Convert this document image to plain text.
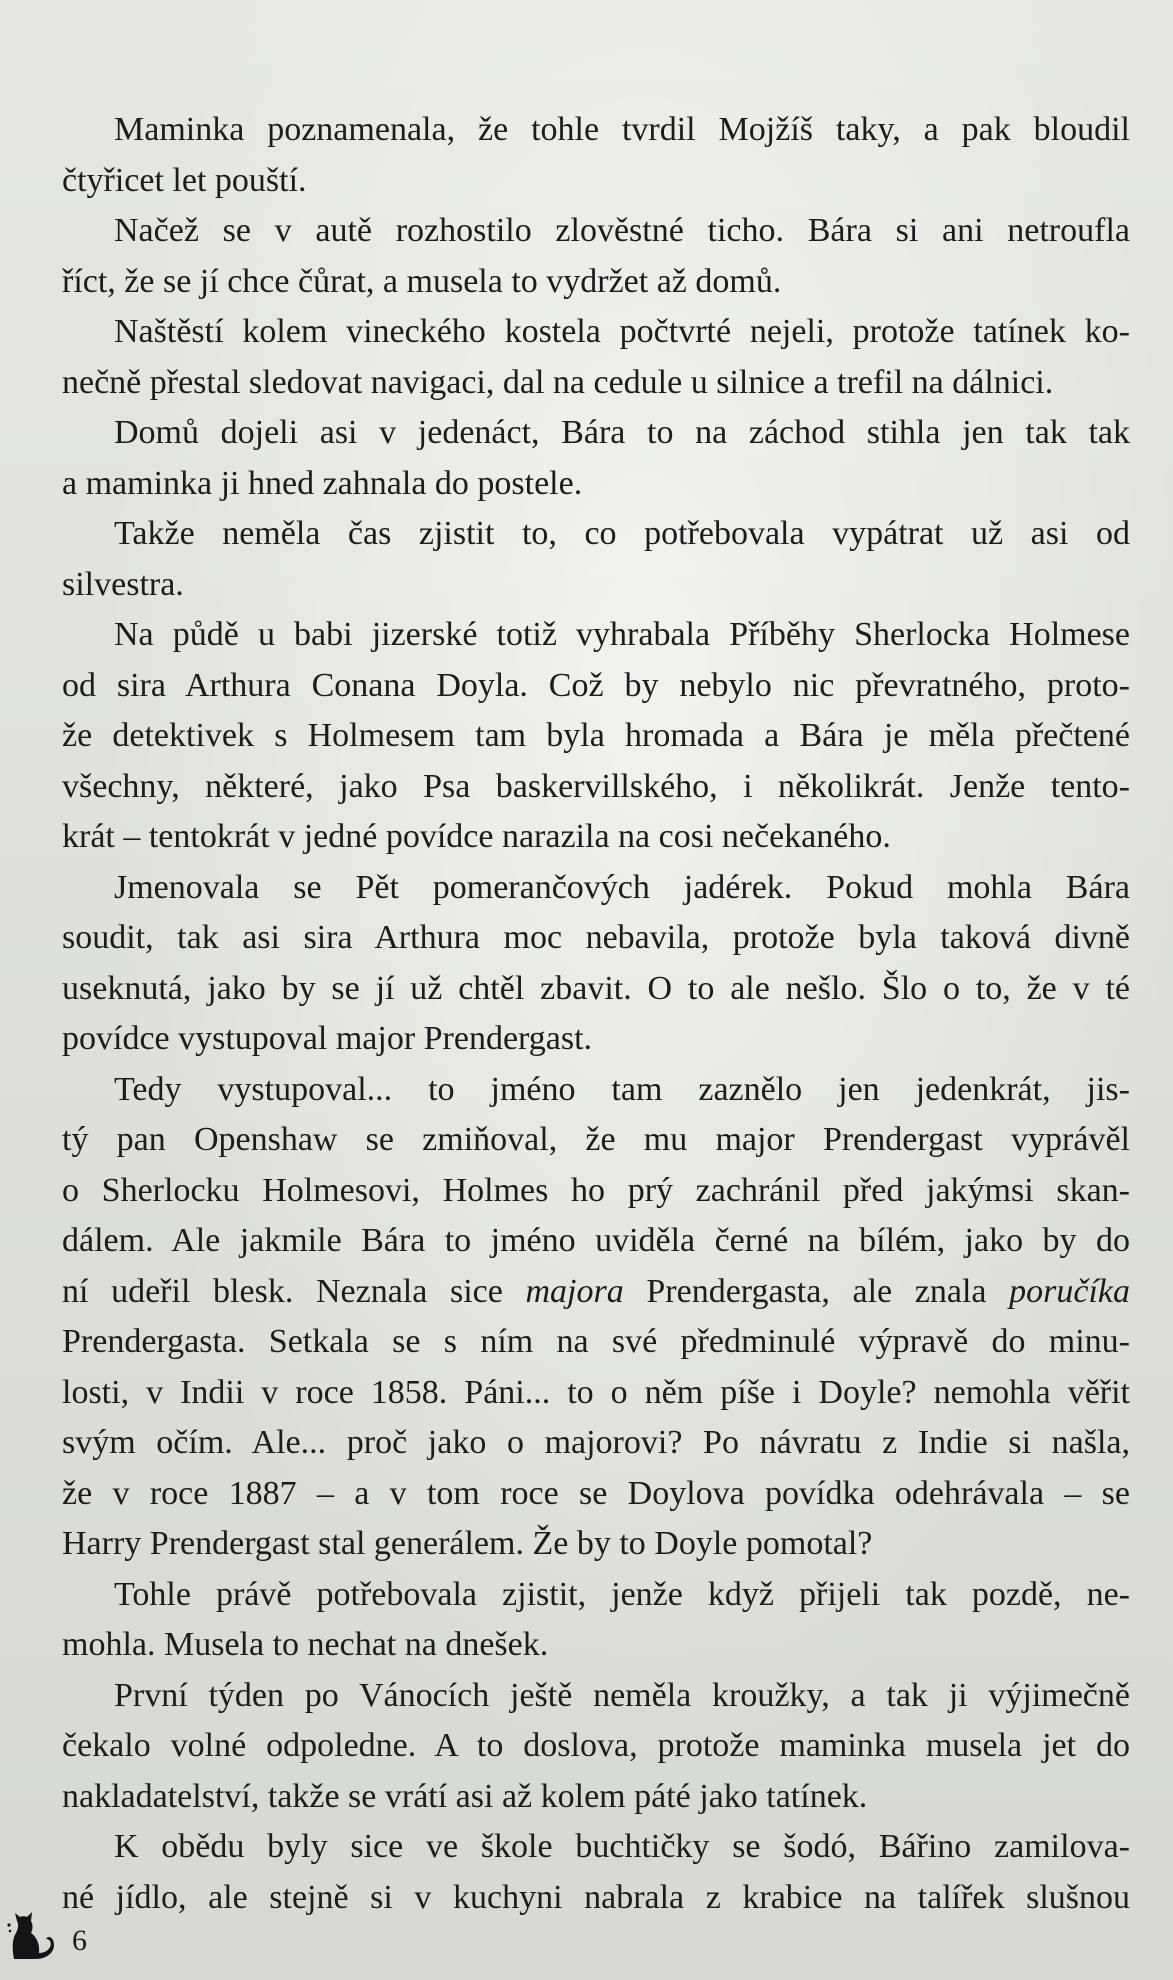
Maminka poznamenala, že tohle tvrdil Mojžíš taky, a pak bloudil
čtyřicet let pouští.

Načež se v autě rozhostilo zlověstné ticho. Bára si ani netroufla
říct, že se jí chce čůrat, a musela to vydržet až domů.

Naštěstí kolem vineckého kostela počtvrté nejeli, protože tatínek ko-
nečně přestal sledovat navigaci, dal na cedule u silnice a trefil na dálnici.

Domů dojeli asi v jedenáct, Bára to na záchod stihla jen tak tak
a maminka ji hned zahnala do postele.

Takže neměla čas zjistit to, co potřebovala vypátrat už asi od
silvestra.

Na půdě u babi jizerské totiž vyhrabala Příběhy Sherlocka Holmese
od sira Arthura Conana Doyla. Což by nebylo nic převratného, proto-
že detektivek s Holmesem tam byla hromada a Bára je měla přečtené
všechny, některé, jako Psa baskervillského, i několikrát. Jenže tento-
krát – tentokrát v jedné povídce narazila na cosi nečekaného.

Jmenovala se Pět pomerančových jadérek. Pokud mohla Bára
soudit, tak asi sira Arthura moc nebavila, protože byla taková divně
useknutá, jako by se jí už chtěl zbavit. O to ale nešlo. Šlo o to, že v té
povídce vystupoval major Prendergast.

Tedy vystupoval... to jméno tam zaznělo jen jedenkrát, jis-
tý pan Openshaw se zmiňoval, že mu major Prendergast vyprávěl
o Sherlocku Holmesovi, Holmes ho prý zachránil před jakýmsi skan-
dálem. Ale jakmile Bára to jméno uviděla černé na bílém, jako by do
ní udeřil blesk. Neznala sice majora Prendergasta, ale znala poručíka
Prendergasta. Setkala se s ním na své předminulé výpravě do minu-
losti, v Indii v roce 1858. Páni... to o něm píše i Doyle? nemohla věřit
svým očím. Ale... proč jako o majorovi? Po návratu z Indie si našla,
že v roce 1887 – a v tom roce se Doylova povídka odehrávala – se
Harry Prendergast stal generálem. Že by to Doyle pomotal?

Tohle právě potřebovala zjistit, jenže když přijeli tak pozdě, ne-
mohla. Musela to nechat na dnešek.

První týden po Vánocích ještě neměla kroužky, a tak ji výjimečně
čekalo volné odpoledne. A to doslova, protože maminka musela jet do
nakladatelství, takže se vrátí asi až kolem páté jako tatínek.

K obědu byly sice ve škole buchtičky se šodó, Bářino zamilova-
né jídlo, ale stejně si v kuchyni nabrala z krabice na talířek slušnou

6
